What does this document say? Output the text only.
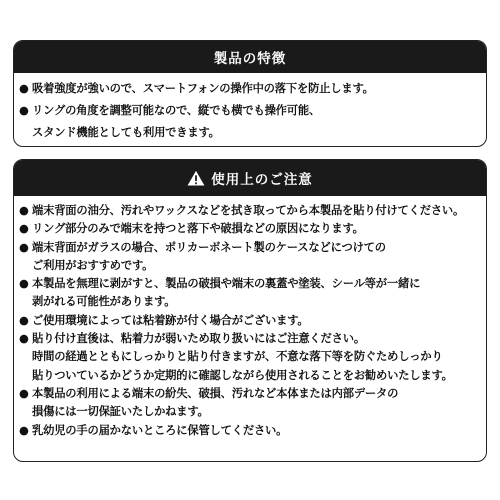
製品の特徴
● 吸着強度が強いので、スマートフォンの操作中の落下を防止します。
● リングの角度を調整可能なので、縦でも横でも操作可能、
スタンド機能としても利用できます。
使用上のご注意
● 端末背面の油分、汚れやワックスなどを拭き取ってから本製品を貼り付けてください。
● リング部分のみで端末を持つと落下や破損などの原因になります。
● 端末背面がガラスの場合、ポリカーボネート製のケースなどにつけての
ご利用がおすすめです。
● 本製品を無理に剥がすと、製品の破損や端末の裏蓋や塗装、シール等が一緒に
剥がれる可能性があります。
● ご使用環境によっては粘着跡が付く場合がございます。
● 貼り付け直後は、粘着力が弱いため取り扱いにはご注意ください。
時間の経過とともにしっかりと貼り付きますが、不意な落下等を防ぐためしっかり
貼りついているかどうか定期的に確認しながら使用されることをお勧めいたします。
● 本製品の利用による端末の紛失、破損、汚れなど本体または内部データの
損傷には一切保証いたしかねます。
● 乳幼児の手の届かないところに保管してください。
